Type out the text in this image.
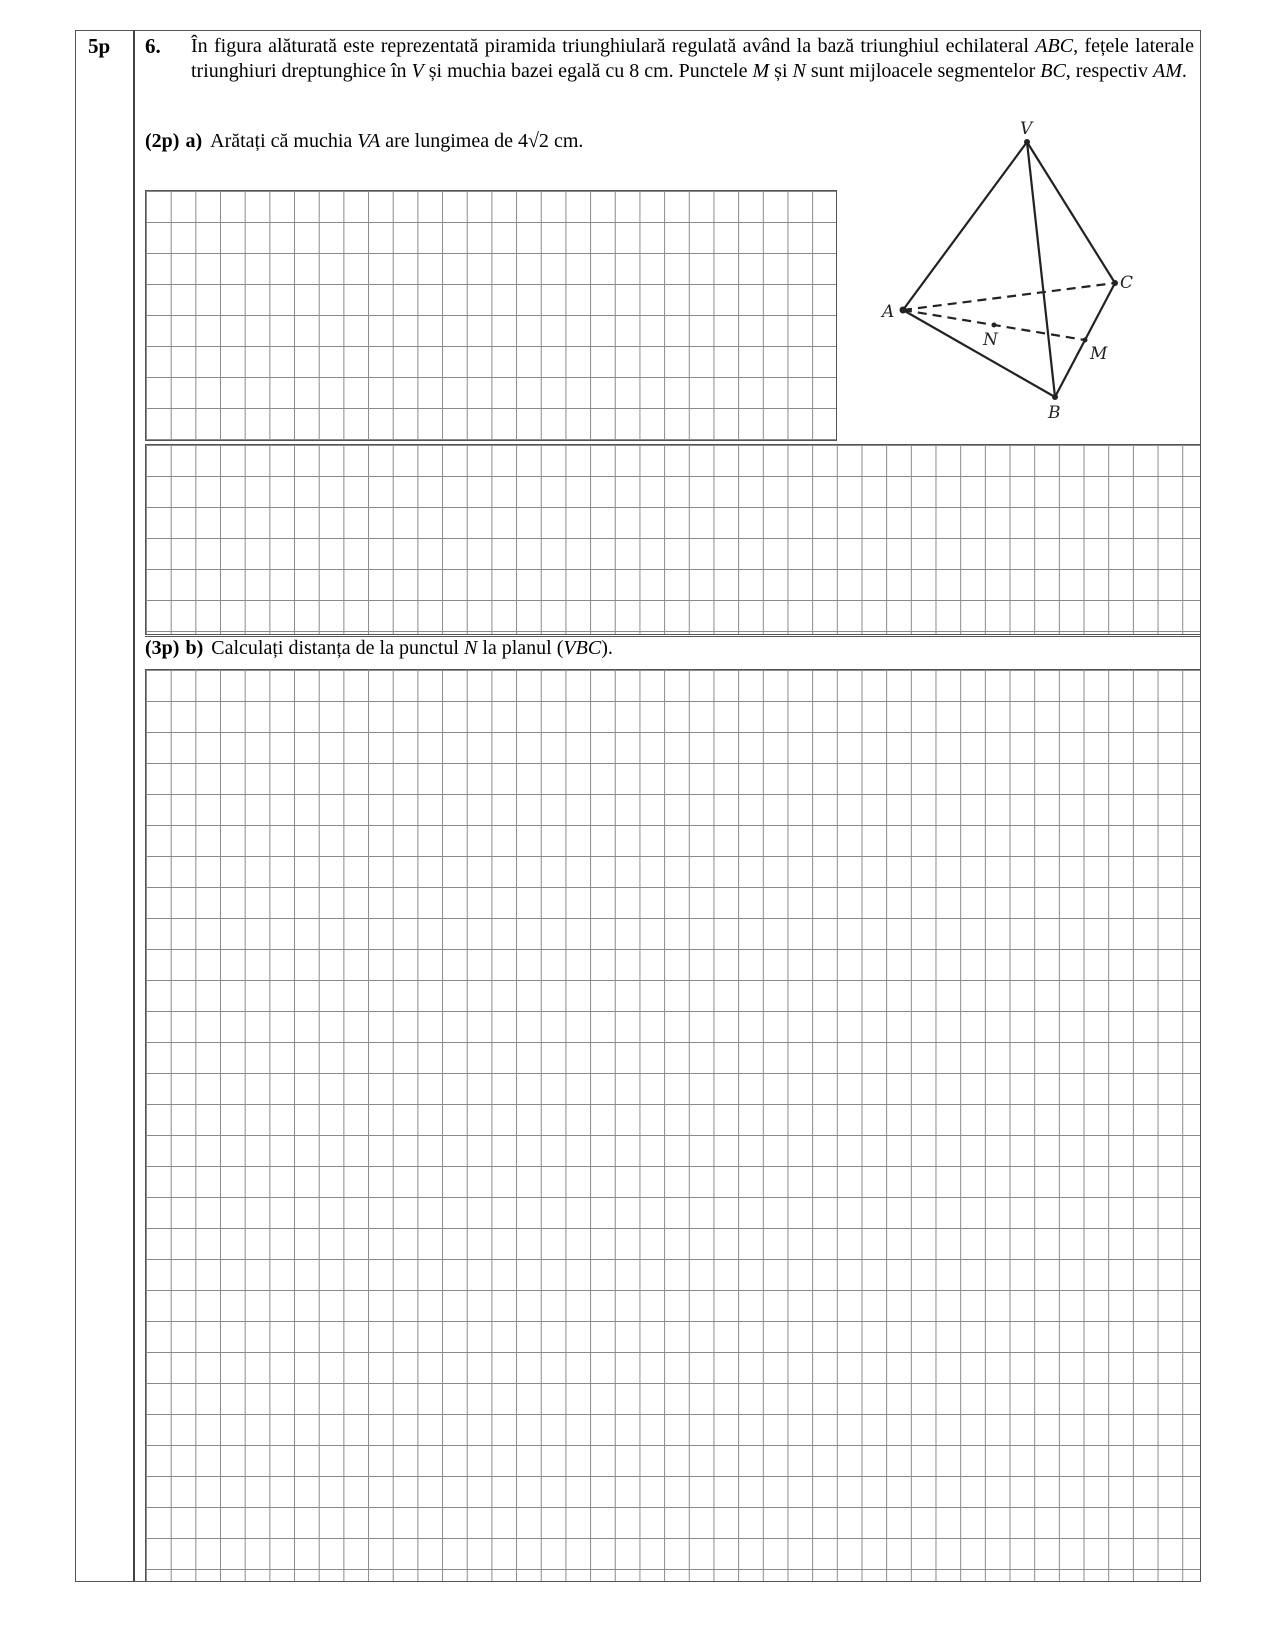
5p 6. În figura alăturată este reprezentată piramida triunghiulară regulată având la bază triunghiul echilateral ABC, fețele laterale triunghiuri dreptunghice în V și muchia bazei egală cu 8 cm. Punctele M și N sunt mijloacele segmentelor BC, respectiv AM.
(2p) a) Arătați că muchia VA are lungimea de 4√2 cm.
(3p) b) Calculați distanța de la punctul N la planul (VBC).
V
A
B
C
M
N
